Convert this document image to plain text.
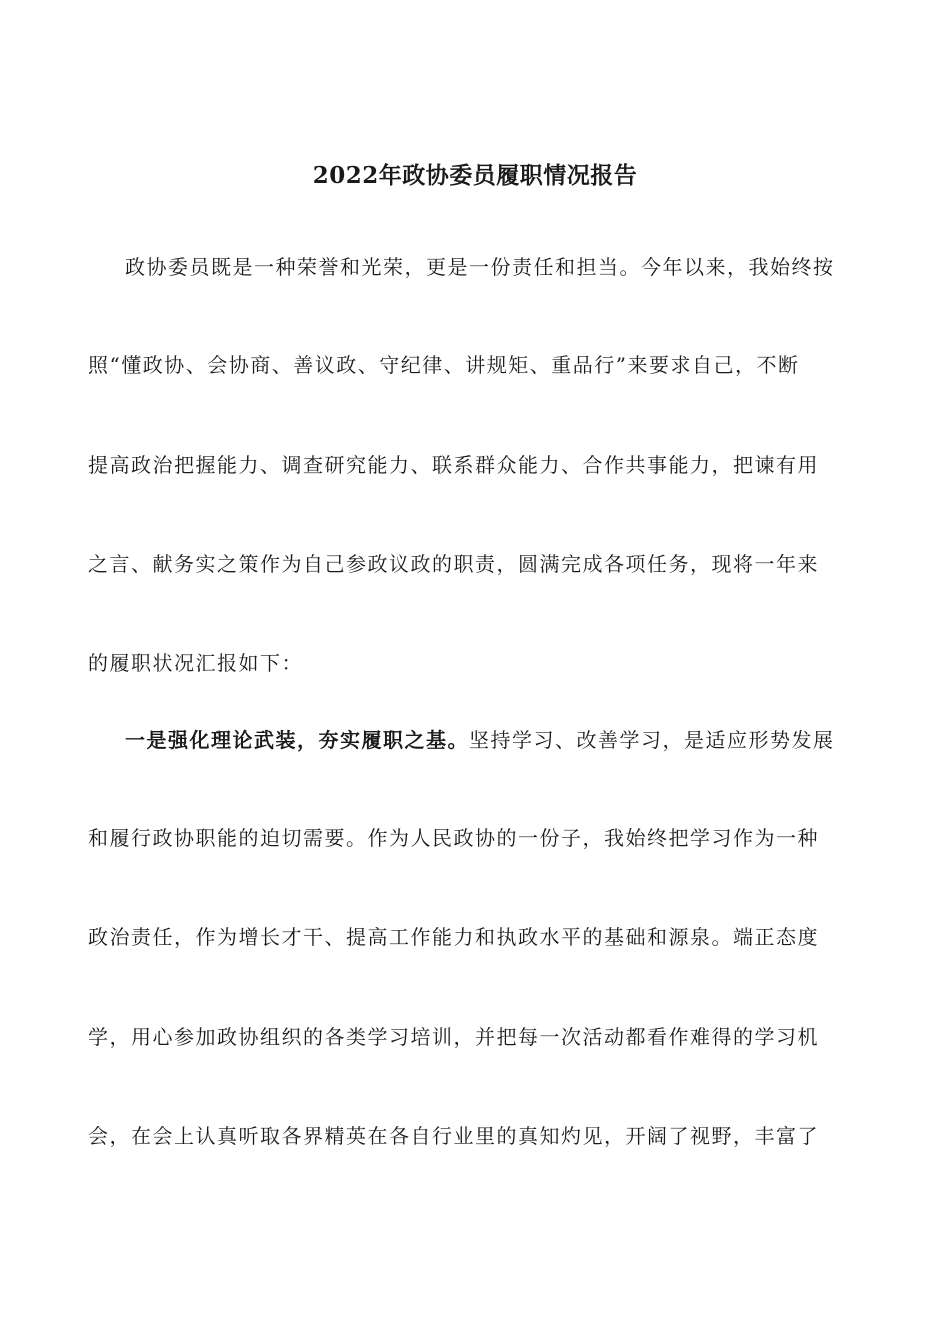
2022年政协委员履职情况报告
政协委员既是一种荣誉和光荣，更是一份责任和担当。今年以来，我始终按
照“懂政协、会协商、善议政、守纪律、讲规矩、重品行”来要求自己，不断
提高政治把握能力、调查研究能力、联系群众能力、合作共事能力，把谏有用
之言、献务实之策作为自己参政议政的职责，圆满完成各项任务，现将一年来
的履职状况汇报如下：
一是强化理论武装，夯实履职之基。坚持学习、改善学习，是适应形势发展
和履行政协职能的迫切需要。作为人民政协的一份子，我始终把学习作为一种
政治责任，作为增长才干、提高工作能力和执政水平的基础和源泉。端正态度
学，用心参加政协组织的各类学习培训，并把每一次活动都看作难得的学习机
会，在会上认真听取各界精英在各自行业里的真知灼见，开阔了视野，丰富了
